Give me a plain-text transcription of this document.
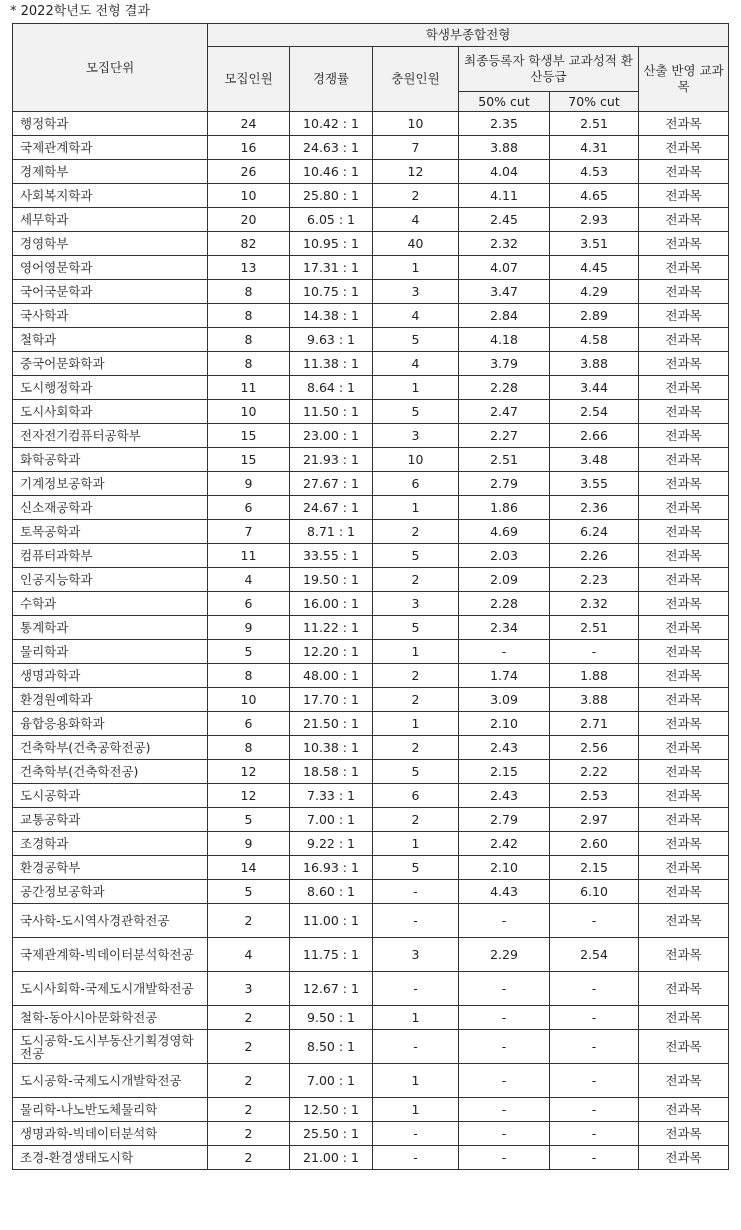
* 2022학년도 전형 결과
모집단위	학생부종합전형					
	모집인원	경쟁률	충원인원	최종등록자 학생부 교과성적 환산등급		산출 반영 교과목
				50% cut	70% cut	
행정학과	24	10.42 : 1	10	2.35	2.51	전과목
국제관계학과	16	24.63 : 1	7	3.88	4.31	전과목
경제학부	26	10.46 : 1	12	4.04	4.53	전과목
사회복지학과	10	25.80 : 1	2	4.11	4.65	전과목
세무학과	20	6.05 : 1	4	2.45	2.93	전과목
경영학부	82	10.95 : 1	40	2.32	3.51	전과목
영어영문학과	13	17.31 : 1	1	4.07	4.45	전과목
국어국문학과	8	10.75 : 1	3	3.47	4.29	전과목
국사학과	8	14.38 : 1	4	2.84	2.89	전과목
철학과	8	9.63 : 1	5	4.18	4.58	전과목
중국어문화학과	8	11.38 : 1	4	3.79	3.88	전과목
도시행정학과	11	8.64 : 1	1	2.28	3.44	전과목
도시사회학과	10	11.50 : 1	5	2.47	2.54	전과목
전자전기컴퓨터공학부	15	23.00 : 1	3	2.27	2.66	전과목
화학공학과	15	21.93 : 1	10	2.51	3.48	전과목
기계정보공학과	9	27.67 : 1	6	2.79	3.55	전과목
신소재공학과	6	24.67 : 1	1	1.86	2.36	전과목
토목공학과	7	8.71 : 1	2	4.69	6.24	전과목
컴퓨터과학부	11	33.55 : 1	5	2.03	2.26	전과목
인공지능학과	4	19.50 : 1	2	2.09	2.23	전과목
수학과	6	16.00 : 1	3	2.28	2.32	전과목
통계학과	9	11.22 : 1	5	2.34	2.51	전과목
물리학과	5	12.20 : 1	1	-	-	전과목
생명과학과	8	48.00 : 1	2	1.74	1.88	전과목
환경원예학과	10	17.70 : 1	2	3.09	3.88	전과목
융합응용화학과	6	21.50 : 1	1	2.10	2.71	전과목
건축학부(건축공학전공)	8	10.38 : 1	2	2.43	2.56	전과목
건축학부(건축학전공)	12	18.58 : 1	5	2.15	2.22	전과목
도시공학과	12	7.33 : 1	6	2.43	2.53	전과목
교통공학과	5	7.00 : 1	2	2.79	2.97	전과목
조경학과	9	9.22 : 1	1	2.42	2.60	전과목
환경공학부	14	16.93 : 1	5	2.10	2.15	전과목
공간정보공학과	5	8.60 : 1	-	4.43	6.10	전과목
국사학-도시역사경관학전공	2	11.00 : 1	-	-	-	전과목
국제관계학-빅데이터분석학전공	4	11.75 : 1	3	2.29	2.54	전과목
도시사회학-국제도시개발학전공	3	12.67 : 1	-	-	-	전과목
철학-동아시아문화학전공	2	9.50 : 1	1	-	-	전과목
도시공학-도시부동산기획경영학전공	2	8.50 : 1	-	-	-	전과목
도시공학-국제도시개발학전공	2	7.00 : 1	1	-	-	전과목
물리학-나노반도체물리학	2	12.50 : 1	1	-	-	전과목
생명과학-빅데이터분석학	2	25.50 : 1	-	-	-	전과목
조경-환경생태도시학	2	21.00 : 1	-	-	-	전과목
